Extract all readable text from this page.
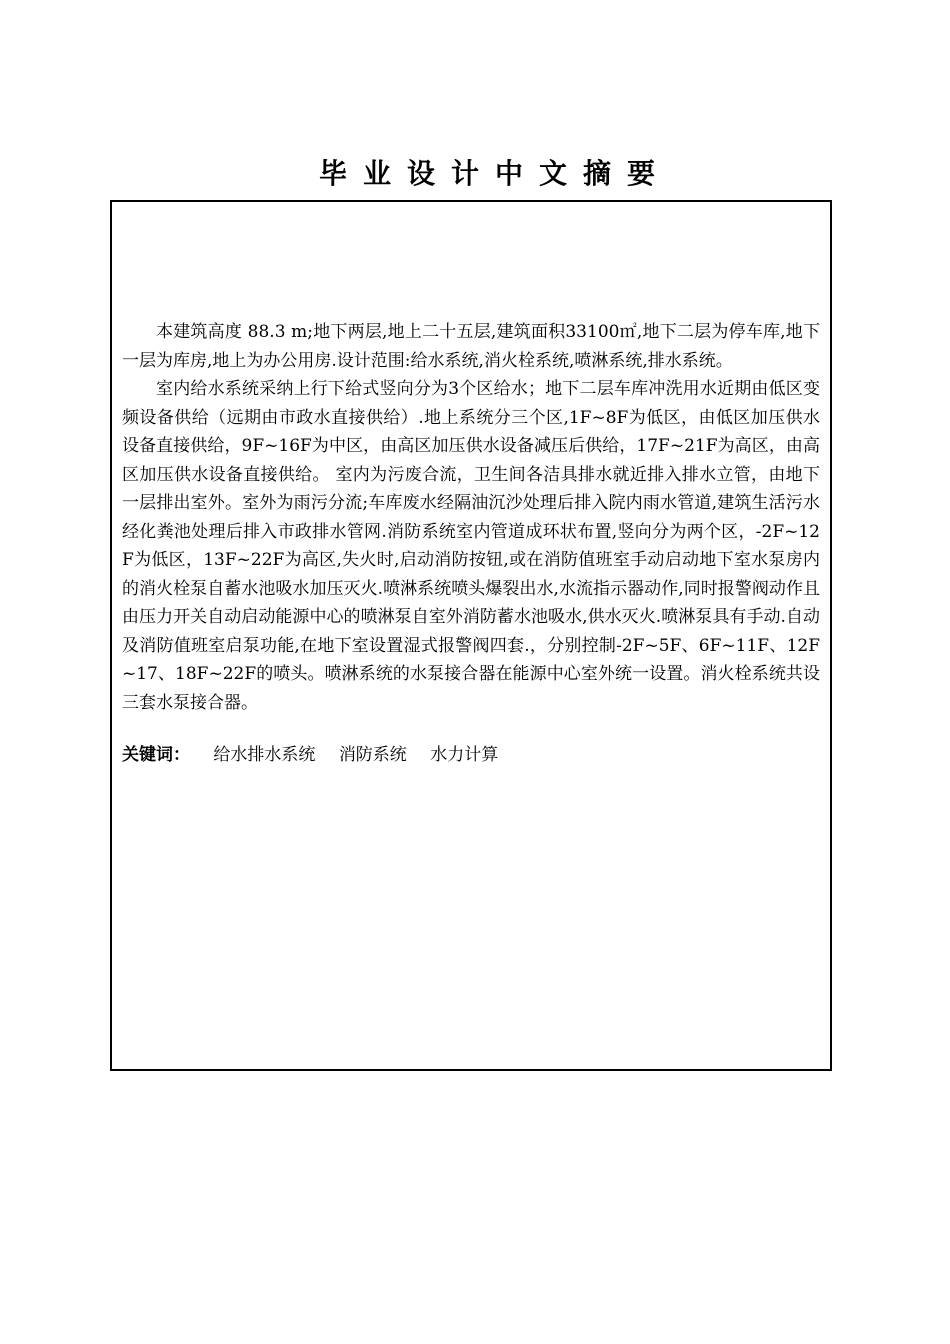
毕业设计中文摘要

本建筑高度 88.3 m;地下两层,地上二十五层,建筑面积33100㎡,地下二层为停车库,地下一层为库房,地上为办公用房.设计范围:给水系统,消火栓系统,喷淋系统,排水系统。

室内给水系统采纳上行下给式竖向分为3个区给水；地下二层车库冲洗用水近期由低区变频设备供给（远期由市政水直接供给）.地上系统分三个区,1F~8F为低区，由低区加压供水设备直接供给，9F~16F为中区，由高区加压供水设备减压后供给，17F~21F为高区，由高区加压供水设备直接供给。 室内为污废合流，卫生间各洁具排水就近排入排水立管，由地下一层排出室外。室外为雨污分流;车库废水经隔油沉沙处理后排入院内雨水管道,建筑生活污水经化粪池处理后排入市政排水管网.消防系统室内管道成环状布置,竖向分为两个区，-2F~12F为低区，13F~22F为高区,失火时,启动消防按钮,或在消防值班室手动启动地下室水泵房内的消火栓泵自蓄水池吸水加压灭火.喷淋系统喷头爆裂出水,水流指示器动作,同时报警阀动作且由压力开关自动启动能源中心的喷淋泵自室外消防蓄水池吸水,供水灭火.喷淋泵具有手动.自动及消防值班室启泵功能,在地下室设置湿式报警阀四套.，分别控制-2F~5F、6F~11F、12F~17、18F~22F的喷头。喷淋系统的水泵接合器在能源中心室外统一设置。消火栓系统共设三套水泵接合器。

关键词： 给水排水系统 消防系统 水力计算
